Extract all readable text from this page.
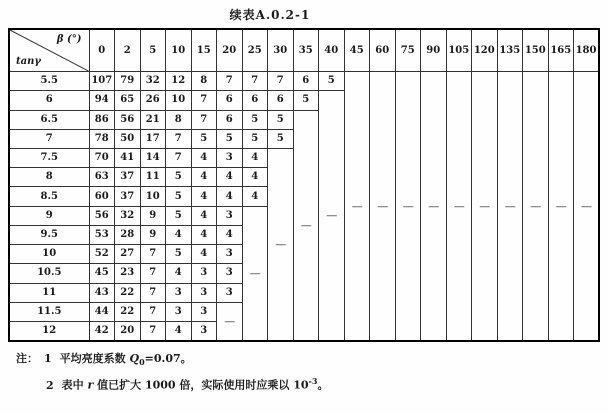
续表A.0.2-1
β (°)
tanγ	0	2	5	10	15	20	25	30	35	40	45	60	75	90	105	120	135	150	165	180
5.5	107	79	32	12	8	7	7	7	6	5	—	—	—	—	—	—	—	—	—	—
6	94	65	26	10	7	6	6	6	5	—										
6.5	86	56	21	8	7	6	5	5	—											
7	78	50	17	7	5	5	5	5												
7.5	70	41	14	7	4	3	4	—												
8	63	37	11	5	4	4	4													
8.5	60	37	10	5	4	4	4													
9	56	32	9	5	4	3	—													
9.5	53	28	9	4	4	4														
10	52	27	7	5	4	3														
10.5	45	23	7	4	3	3														
11	43	22	7	3	3	3														
11.5	44	22	7	3	3	—														
12	42	20	7	4	3															
注： 1 平均亮度系数 $Q_0=0.07$。
2 表中 r 值已扩大 1000 倍，实际使用时应乘以 $10^{-3}$。
